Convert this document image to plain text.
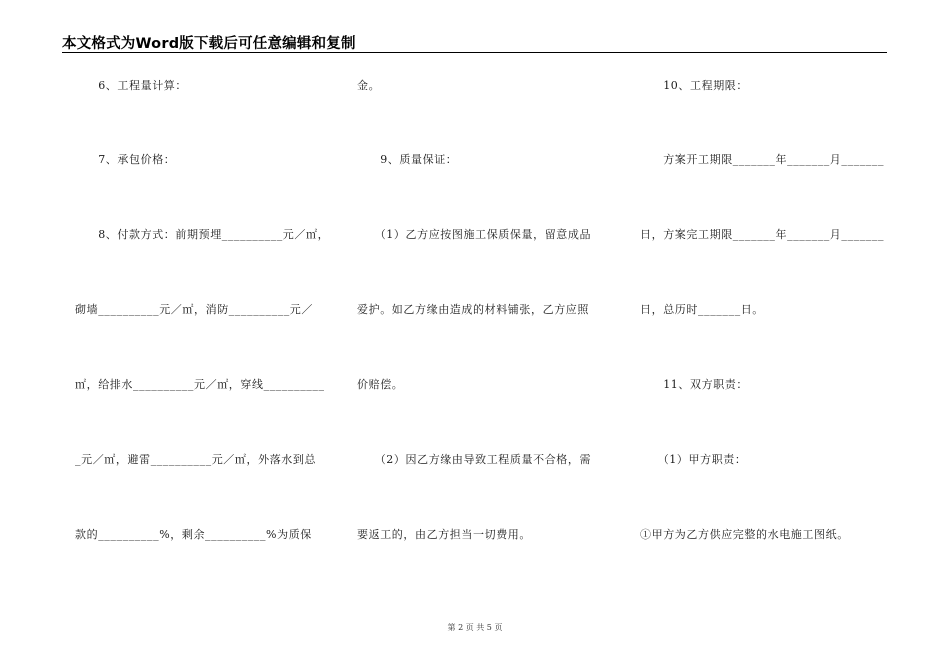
本文格式为Word版下载后可任意编辑和复制
　　6、工程量计算：
　　7、承包价格：
　　8、付款方式：前期预埋__________元／㎡，
砌墙__________元／㎡，消防__________元／
㎡，给排水__________元／㎡，穿线__________
_元／㎡，避雷__________元／㎡，外落水到总
款的__________%，剩余__________%为质保
金。
　　9、质量保证：
　　（1）乙方应按图施工保质保量，留意成品
爱护。如乙方缘由造成的材料铺张，乙方应照
价赔偿。
　　（2）因乙方缘由导致工程质量不合格，需
要返工的，由乙方担当一切费用。
　　10、工程期限：
　　方案开工期限_______年_______月_______
日，方案完工期限_______年_______月_______
日，总历时_______日。
　　11、双方职责：
　　（1）甲方职责：
①甲方为乙方供应完整的水电施工图纸。
第 2 页 共 5 页
